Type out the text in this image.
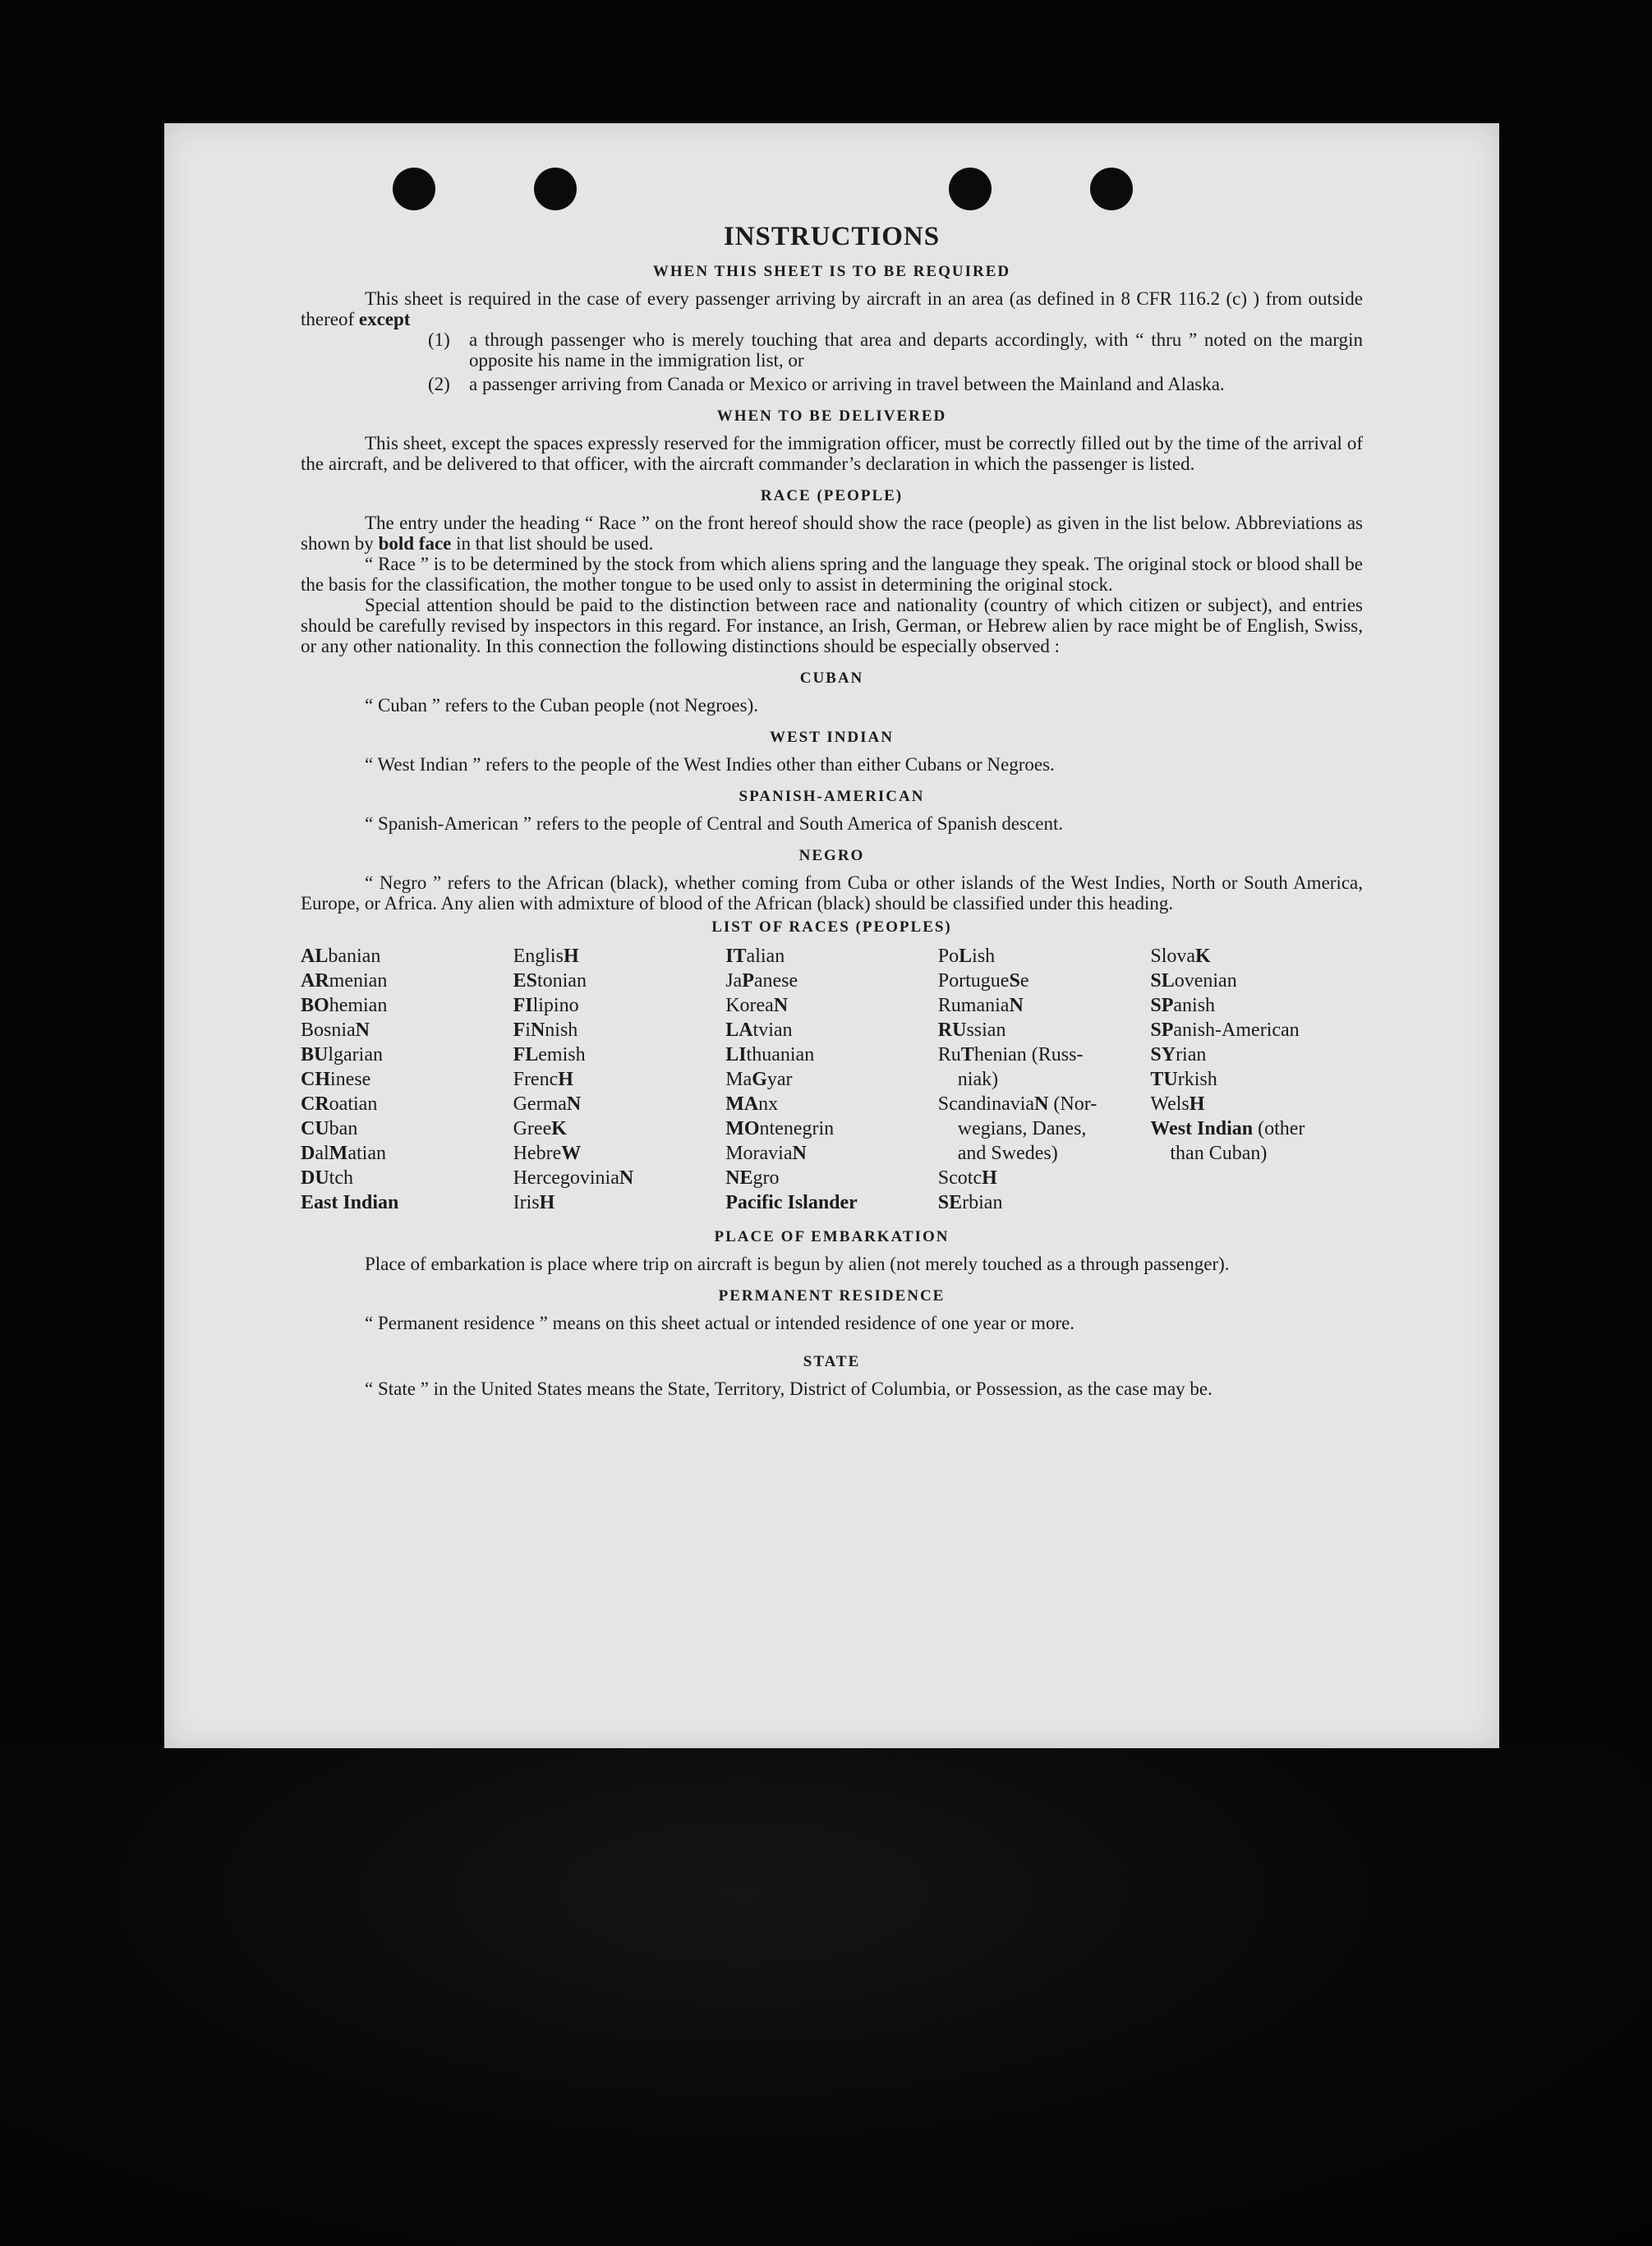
INSTRUCTIONS
WHEN THIS SHEET IS TO BE REQUIRED

This sheet is required in the case of every passenger arriving by aircraft in an area (as defined in 8 CFR 116.2 (c) ) from outside thereof except

(1)	a through passenger who is merely touching that area and departs accordingly, with “ thru ” noted on the margin opposite his name in the immigration list, or
(2)	a passenger arriving from Canada or Mexico or arriving in travel between the Mainland and Alaska.
WHEN TO BE DELIVERED

This sheet, except the spaces expressly reserved for the immigration officer, must be correctly filled out by the time of the arrival of the aircraft, and be delivered to that officer, with the aircraft commander’s declaration in which the passenger is listed.

RACE (PEOPLE)

The entry under the heading “ Race ” on the front hereof should show the race (people) as given in the list below. Abbreviations as shown by bold face in that list should be used.

“ Race ” is to be determined by the stock from which aliens spring and the language they speak. The original stock or blood shall be the basis for the classification, the mother tongue to be used only to assist in determining the original stock.

Special attention should be paid to the distinction between race and nationality (country of which citizen or subject), and entries should be carefully revised by inspectors in this regard. For instance, an Irish, German, or Hebrew alien by race might be of English, Swiss, or any other nationality. In this connection the following distinctions should be especially observed :

CUBAN

“ Cuban ” refers to the Cuban people (not Negroes).

WEST INDIAN

“ West Indian ” refers to the people of the West Indies other than either Cubans or Negroes.

SPANISH-AMERICAN

“ Spanish-American ” refers to the people of Central and South America of Spanish descent.

NEGRO

“ Negro ” refers to the African (black), whether coming from Cuba or other islands of the West Indies, North or South America, Europe, or Africa. Any alien with admixture of blood of the African (black) should be classified under this heading.

LIST OF RACES (PEOPLES)
ALbanian
ARmenian
BOhemian
BosniaN
BUlgarian
CHinese
CRoatian
CUban
DalMatian
DUtch
East Indian
EnglisH
EStonian
FIlipino
FiNnish
FLemish
FrencH
GermaN
GreeK
HebreW
HercegoviniaN
IrisH
ITalian
JaPanese
KoreaN
LAtvian
LIthuanian
MaGyar
MAnx
MOntenegrin
MoraviaN
NEgro
Pacific Islander
PoLish
PortugueSe
RumaniaN
RUssian
RuThenian (Russ-
niak)
ScandinaviaN (Nor-
wegians, Danes,
and Swedes)
ScotcH
SErbian
SlovaK
SLovenian
SPanish
SPanish-American
SYrian
TUrkish
WelsH
West Indian (other
than Cuban)
PLACE OF EMBARKATION

Place of embarkation is place where trip on aircraft is begun by alien (not merely touched as a through passenger).

PERMANENT RESIDENCE

“ Permanent residence ” means on this sheet actual or intended residence of one year or more.

STATE

“ State ” in the United States means the State, Territory, District of Columbia, or Possession, as the case may be.
